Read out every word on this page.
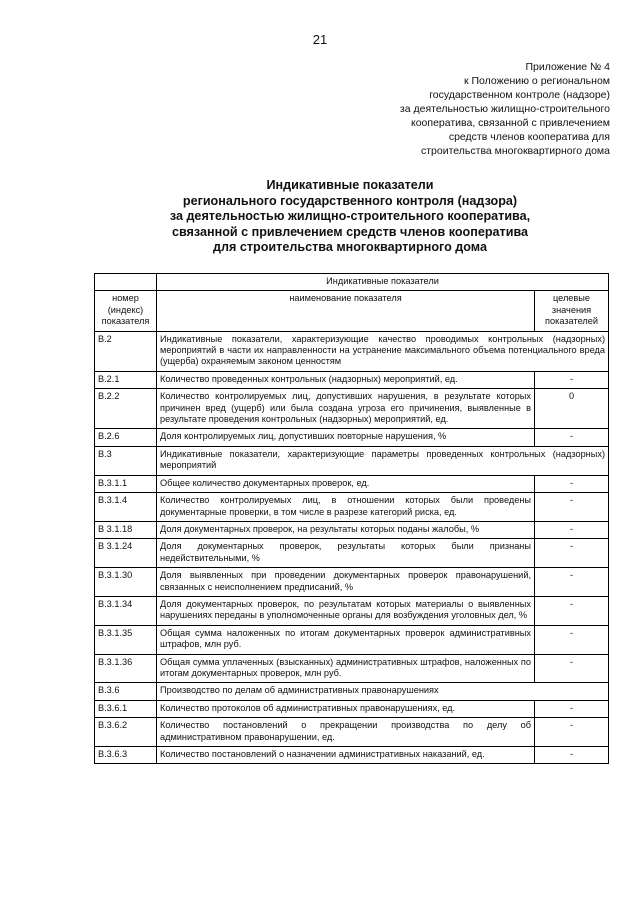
21
Приложение № 4
к Положению о региональном
государственном контроле (надзоре)
за деятельностью жилищно-строительного
кооператива, связанной с привлечением
средств членов кооператива для
строительства многоквартирного дома
Индикативные показатели
регионального государственного контроля (надзора)
за деятельностью жилищно-строительного кооператива,
связанной с привлечением средств членов кооператива
для строительства многоквартирного дома
	Индикативные показатели	
номер (индекс) показателя	наименование показателя	целевые значения показателей
B.2	Индикативные показатели, характеризующие качество проводимых контрольных (надзорных) мероприятий в части их направленности на устранение максимального объема потенциального вреда (ущерба) охраняемым законом ценностям	
B.2.1	Количество проведенных контрольных (надзорных) мероприятий, ед.	-
B.2.2	Количество контролируемых лиц, допустивших нарушения, в результате которых причинен вред (ущерб) или была создана угроза его причинения, выявленные в результате проведения контрольных (надзорных) мероприятий, ед.	0
B.2.6	Доля контролируемых лиц, допустивших повторные нарушения, %	-
B.3	Индикативные показатели, характеризующие параметры проведенных контрольных (надзорных) мероприятий	
B.3.1.1	Общее количество документарных проверок, ед.	-
B.3.1.4	Количество контролируемых лиц, в отношении которых были проведены документарные проверки, в том числе в разрезе категорий риска, ед.	-
B 3.1.18	Доля документарных проверок, на результаты которых поданы жалобы, %	-
B 3.1.24	Доля документарных проверок, результаты которых были признаны недействительными, %	-
B.3.1.30	Доля выявленных при проведении документарных проверок правонарушений, связанных с неисполнением предписаний, %	-
B.3.1.34	Доля документарных проверок, по результатам которых материалы о выявленных нарушениях переданы в уполномоченные органы для возбуждения уголовных дел, %	-
B.3.1.35	Общая сумма наложенных по итогам документарных проверок административных штрафов, млн руб.	-
B.3.1.36	Общая сумма уплаченных (взысканных) административных штрафов, наложенных по итогам документарных проверок, млн руб.	-
B.3.6	Производство по делам об административных правонарушениях	
B.3.6.1	Количество протоколов об административных правонарушениях, ед.	-
B.3.6.2	Количество постановлений о прекращении производства по делу об административном правонарушении, ед.	-
B.3.6.3	Количество постановлений о назначении административных наказаний, ед.	-
